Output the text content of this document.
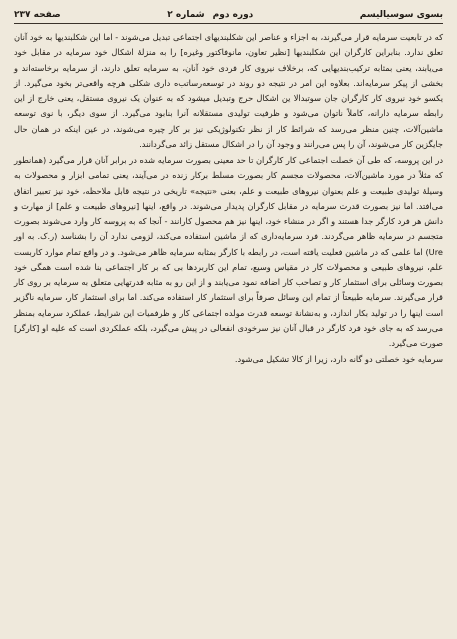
بسوی سوسیالیسم
دوره دوم
شماره ۲
صفحه ۲۳۷

که در تابعیت سرمایه قرار می‌گیرند، به اجزاء و عناصر این شکلبندیهای اجتماعی تبدیل می‌شوند - اما این شکلبندیها به خود آنان تعلق ندارد. بنابراین کارگران این شکلبندیها [نظیر تعاون، مانوفاکتور وغیره] را به منزله‌ٔ اشکال خود سرمایه در مقابل خود می‌یابند، یعنی بمثابه ترکیب‌بندیهایی که، برخلاف نیروی کار فردی خود آنان، به سرمایه تعلق دارند، از سرمایه برخاسته‌اند و بخشی از پیکر سرمایه‌اند. بعلاوه این امر در نتیجه دو روند در توسعه‌رساتب‌ه داری شکلی هرچه واقعی‌تر بخود می‌گیرد. از یکسو خود نیروی کار کارگران جان سوتبدالا ین اشکال حرج وتبدیل میشود که به عنوان یک نیروی مستقل، یعنی خارج از این رابطه سرمایه دارانه، کاملاً ناتوان می‌شود و ظرفیت تولیدی مستقلانه آنرا بنابود می‌گیرد. از سوی دیگر، با نوی توسعه ماشین‌آلات، چنین منظر می‌رسد که شرائط کار از نظر تکنولوژیکی نیز بر کار چیره می‌شوند، در عین اینکه در همان حال جایگزین کار می‌شوند، آن را پس می‌رانند و وجود آن را در اشکال مستقل زائد می‌گردانند.

در این پروسه، که طی آن خصلت اجتماعی کار کارگران تا حد معینی بصورت سرمایه شده در برابر آنان قرار می‌گیرد (همانطور که مثلاً در مورد ماشین‌آلات، محصولات مجسم کار بصورت مسلط برکار زنده در می‌آیند، یعنی تمامی ابزار و محصولات به وسیله‌ٔ تولیدی طبیعت و علم بعنوان نیروهای طبیعت و علم، بعنی «نتیجه» تاریخی در نتیجه قابل ملاحظه، خود نیز تعبیر اتفاق می‌افتد. اما نیز بصورت قدرت سرمایه در مقابل کارگران پدیدار می‌شوند. در واقع، اینها [نیروهای طبیعت و علم] از مهارت و دانش هر فرد کارگر جدا هستند و اگر در منشاء خود، اینها نیز هم محصول کارانند - آنجا که به پروسه کار وارد می‌شوند بصورت متجسم در سرمایه ظاهر می‌گردند. فرد سرمایه‌داری که از ماشین استفاده می‌کند، لزومی ندارد آن را بشناسد (ر.ک. به اور Ure) اما علمی که در ماشین فعلیت یافته است، در رابطه با کارگر بمثابه سرمایه ظاهر می‌شود. و در واقع تمام موارد کاربست علم، نیروهای طبیعی و محصولات کار در مقیاس وسیع، تمام این کاربردها بی که بر کار اجتماعی بنا شده است همگی خود بصورت وسائلی برای استثمار کار و تصاحب کار اضافه نمود می‌یابند و از این رو به مثابه قدرتهایی متعلق به سرمایه بر روی کار قرار می‌گیرند. سرمایه طبیعتاً از تمام این وسائل صرفاً برای استثمار کار استفاده می‌کند. اما برای استثمار کار، سرمایه ناگزیر است اینها را در تولید بکار اندازد، و به‌نشانه‌ٔ توسعه قدرت مولده اجتماعی کار و ظرفمیات این شرایط، عملکرد سرمایه بمنظر می‌رسد که به جای خود فرد کارگر در قبال آنان نیز سرخودی انفعالی در پیش می‌گیرد، بلکه عملکردی است که علیه او [کارگر] صورت می‌گیرد.

سرمایه خود خصلتی دو گانه دارد، زیرا از کالا تشکیل می‌شود.
